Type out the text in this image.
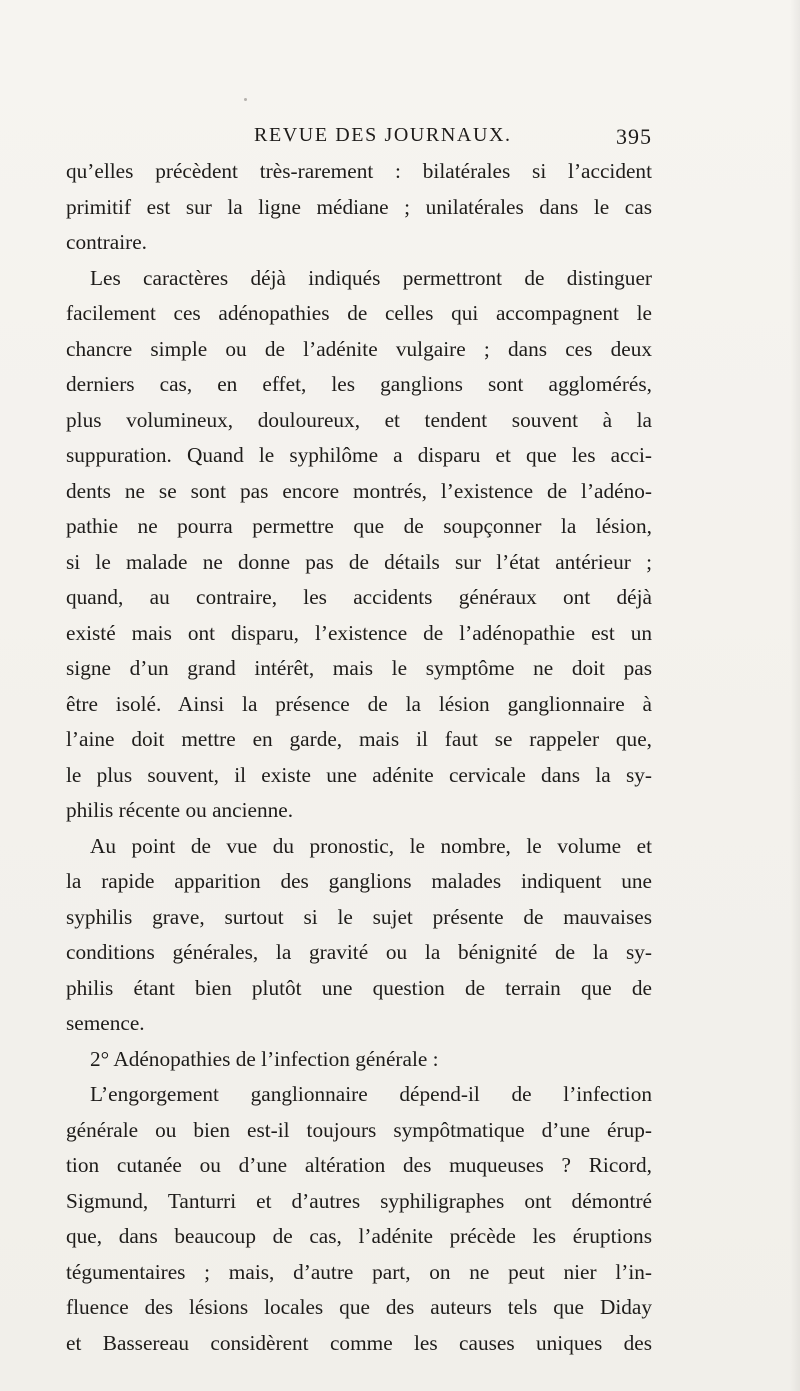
REVUE DES JOURNAUX.	395
qu’elles précèdent très-rarement : bilatérales si l’accident
primitif est sur la ligne médiane ; unilatérales dans le cas
contraire.
Les caractères déjà indiqués permettront de distinguer
facilement ces adénopathies de celles qui accompagnent le
chancre simple ou de l’adénite vulgaire ; dans ces deux
derniers cas, en effet, les ganglions sont agglomérés,
plus volumineux, douloureux, et tendent souvent à la
suppuration. Quand le syphilôme a disparu et que les acci-
dents ne se sont pas encore montrés, l’existence de l’adéno-
pathie ne pourra permettre que de soupçonner la lésion,
si le malade ne donne pas de détails sur l’état antérieur ;
quand, au contraire, les accidents généraux ont déjà
existé mais ont disparu, l’existence de l’adénopathie est un
signe d’un grand intérêt, mais le symptôme ne doit pas
être isolé. Ainsi la présence de la lésion ganglionnaire à
l’aine doit mettre en garde, mais il faut se rappeler que,
le plus souvent, il existe une adénite cervicale dans la sy-
philis récente ou ancienne.
Au point de vue du pronostic, le nombre, le volume et
la rapide apparition des ganglions malades indiquent une
syphilis grave, surtout si le sujet présente de mauvaises
conditions générales, la gravité ou la bénignité de la sy-
philis étant bien plutôt une question de terrain que de
semence.
2° Adénopathies de l’infection générale :
L’engorgement ganglionnaire dépend-il de l’infection
générale ou bien est-il toujours sympôtmatique d’une érup-
tion cutanée ou d’une altération des muqueuses ? Ricord,
Sigmund, Tanturri et d’autres syphiligraphes ont démontré
que, dans beaucoup de cas, l’adénite précède les éruptions
tégumentaires ; mais, d’autre part, on ne peut nier l’in-
fluence des lésions locales que des auteurs tels que Diday
et Bassereau considèrent comme les causes uniques des
